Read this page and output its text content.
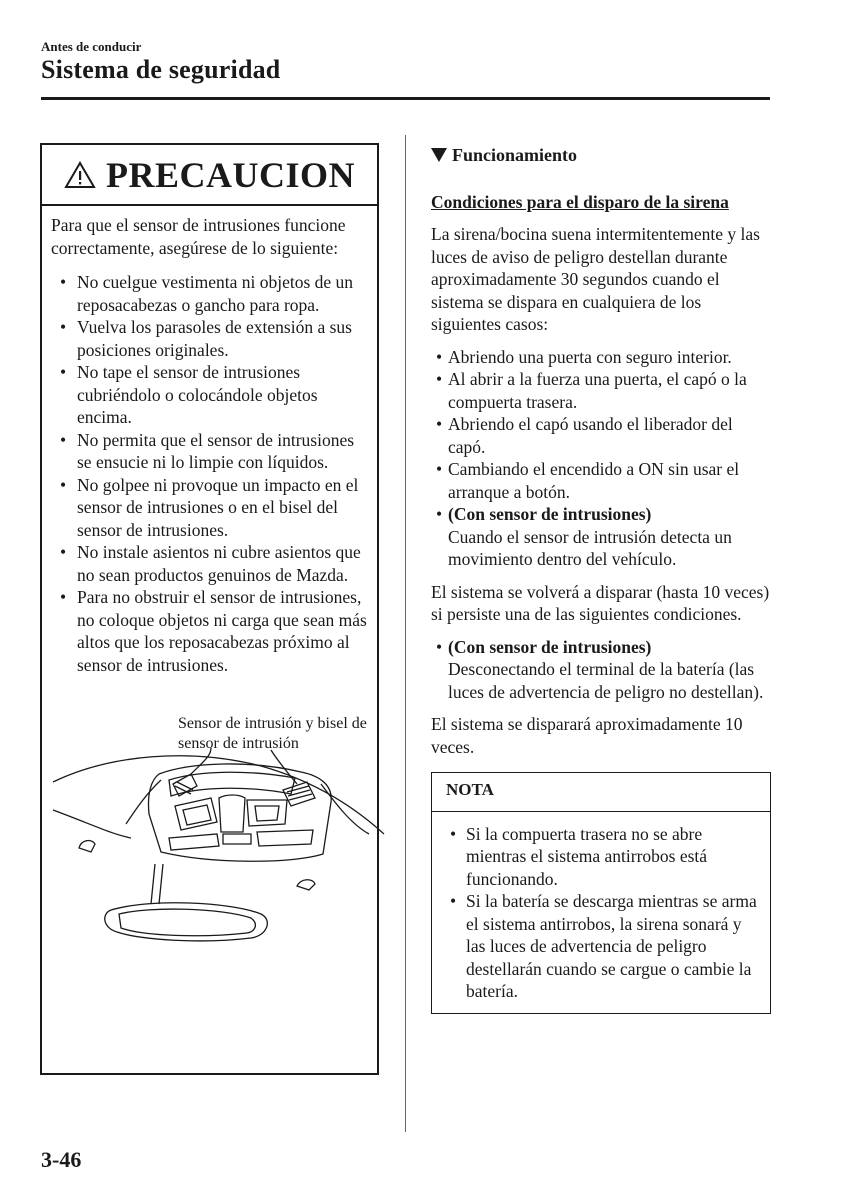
Antes de conducir
Sistema de seguridad
PRECAUCION

Para que el sensor de intrusiones funcione correctamente, asegúrese de lo siguiente:

• No cuelgue vestimenta ni objetos de un reposacabezas o gancho para ropa.
• Vuelva los parasoles de extensión a sus posiciones originales.
• No tape el sensor de intrusiones cubriéndolo o colocándole objetos encima.
• No permita que el sensor de intrusiones se ensucie ni lo limpie con líquidos.
• No golpee ni provoque un impacto en el sensor de intrusiones o en el bisel del sensor de intrusiones.
• No instale asientos ni cubre asientos que no sean productos genuinos de Mazda.
• Para no obstruir el sensor de intrusiones, no coloque objetos ni carga que sean más altos que los reposacabezas próximo al sensor de intrusiones.
Sensor de intrusión y bisel de sensor de intrusión
Funcionamiento
Condiciones para el disparo de la sirena

La sirena/bocina suena intermitentemente y las luces de aviso de peligro destellan durante aproximadamente 30 segundos cuando el sistema se dispara en cualquiera de los siguientes casos:

• Abriendo una puerta con seguro interior.
• Al abrir a la fuerza una puerta, el capó o la compuerta trasera.
• Abriendo el capó usando el liberador del capó.
• Cambiando el encendido a ON sin usar el arranque a botón.
• (Con sensor de intrusiones)
Cuando el sensor de intrusión detecta un movimiento dentro del vehículo.

El sistema se volverá a disparar (hasta 10 veces) si persiste una de las siguientes condiciones.

• (Con sensor de intrusiones)
Desconectando el terminal de la batería (las luces de advertencia de peligro no destellan).

El sistema se disparará aproximadamente 10 veces.

NOTA
• Si la compuerta trasera no se abre mientras el sistema antirrobos está funcionando.
• Si la batería se descarga mientras se arma el sistema antirrobos, la sirena sonará y las luces de advertencia de peligro destellarán cuando se cargue o cambie la batería.
3-46
